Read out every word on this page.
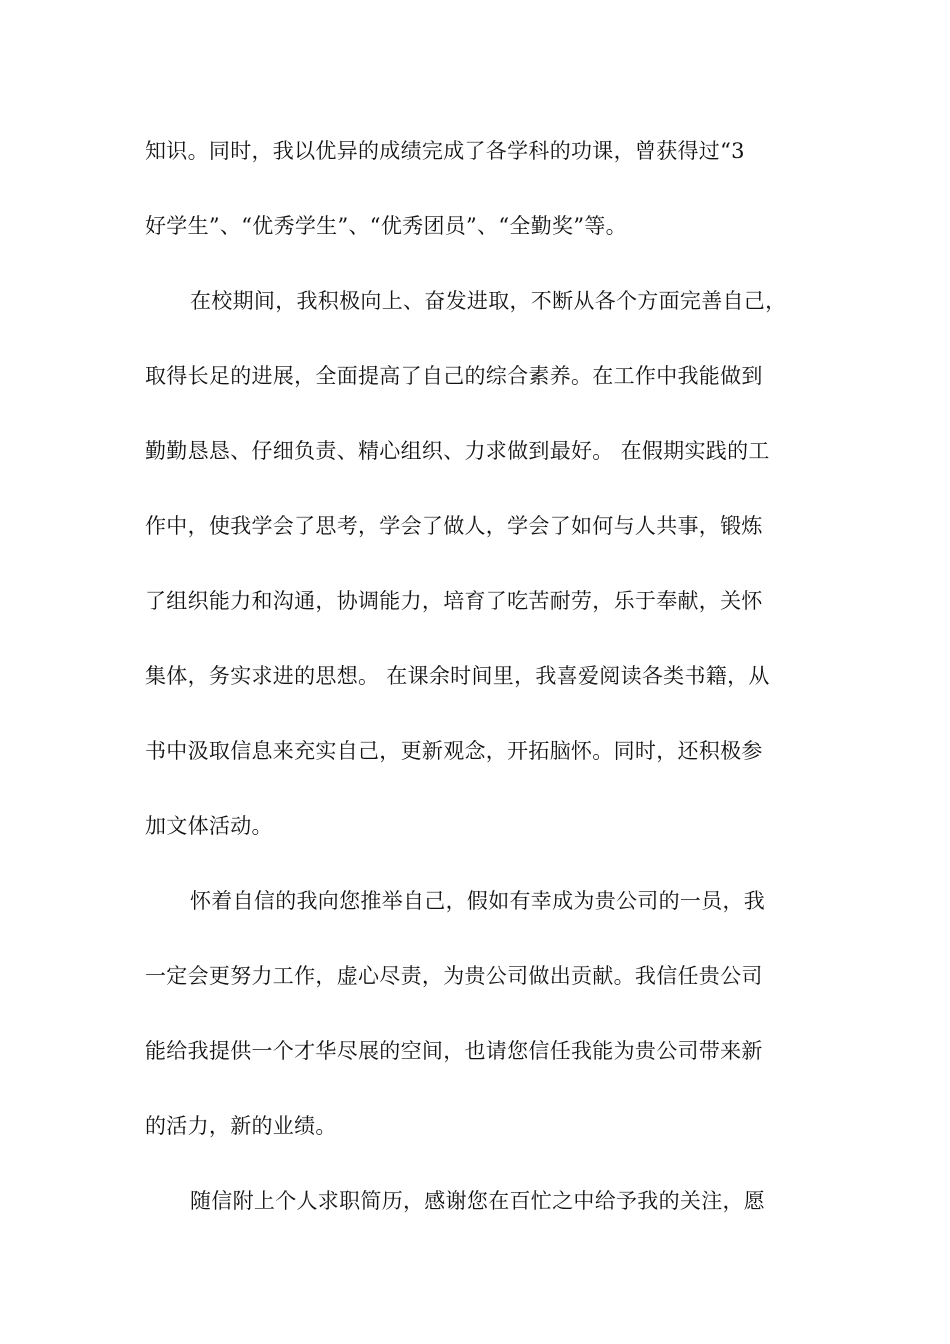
知识。同时，我以优异的成绩完成了各学科的功课，曾获得过“3
好学生”、“优秀学生”、“优秀团员”、“全勤奖”等。
在校期间，我积极向上、奋发进取，不断从各个方面完善自己，
取得长足的进展，全面提高了自己的综合素养。在工作中我能做到
勤勤恳恳、仔细负责、精心组织、力求做到最好。 在假期实践的工
作中，使我学会了思考，学会了做人，学会了如何与人共事，锻炼
了组织能力和沟通，协调能力，培育了吃苦耐劳，乐于奉献，关怀
集体，务实求进的思想。 在课余时间里，我喜爱阅读各类书籍，从
书中汲取信息来充实自己，更新观念，开拓脑怀。同时，还积极参
加文体活动。
怀着自信的我向您推举自己，假如有幸成为贵公司的一员，我
一定会更努力工作，虚心尽责，为贵公司做出贡献。我信任贵公司
能给我提供一个才华尽展的空间，也请您信任我能为贵公司带来新
的活力，新的业绩。
随信附上个人求职简历，感谢您在百忙之中给予我的关注，愿
